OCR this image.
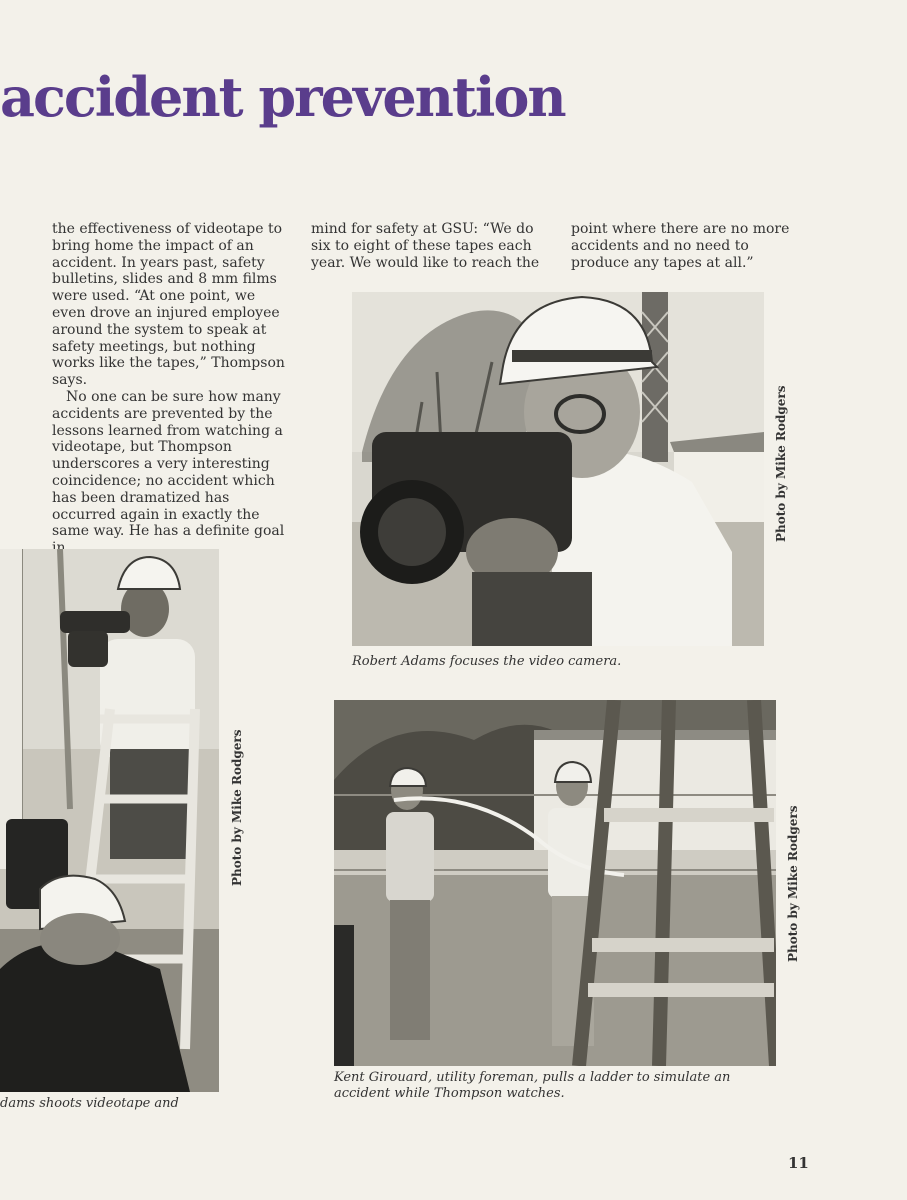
accident prevention

the effectiveness of videotape to bring home the impact of an accident. In years past, safety bulletins, slides and 8 mm films were used. “At one point, we even drove an injured employee around the system to speak at safety meetings, but nothing works like the tapes,” Thompson says.

No one can be sure how many accidents are prevented by the lessons learned from watching a videotape, but Thompson underscores a very interesting coincidence; no accident which has been dramatized has occurred again in exactly the same way. He has a definite goal

mind for safety at GSU: “We do six to eight of these tapes each year. We would like to reach the

point where there are no more accidents and no need to produce any tapes at all.”

Photo by Mike Rodgers
Robert Adams focuses the video camera.
Photo by Mike Rodgers
dams shoots videotape and
Photo by Mike Rodgers
Kent Girouard, utility foreman, pulls a ladder to simulate an accident while Thompson watches.
11
